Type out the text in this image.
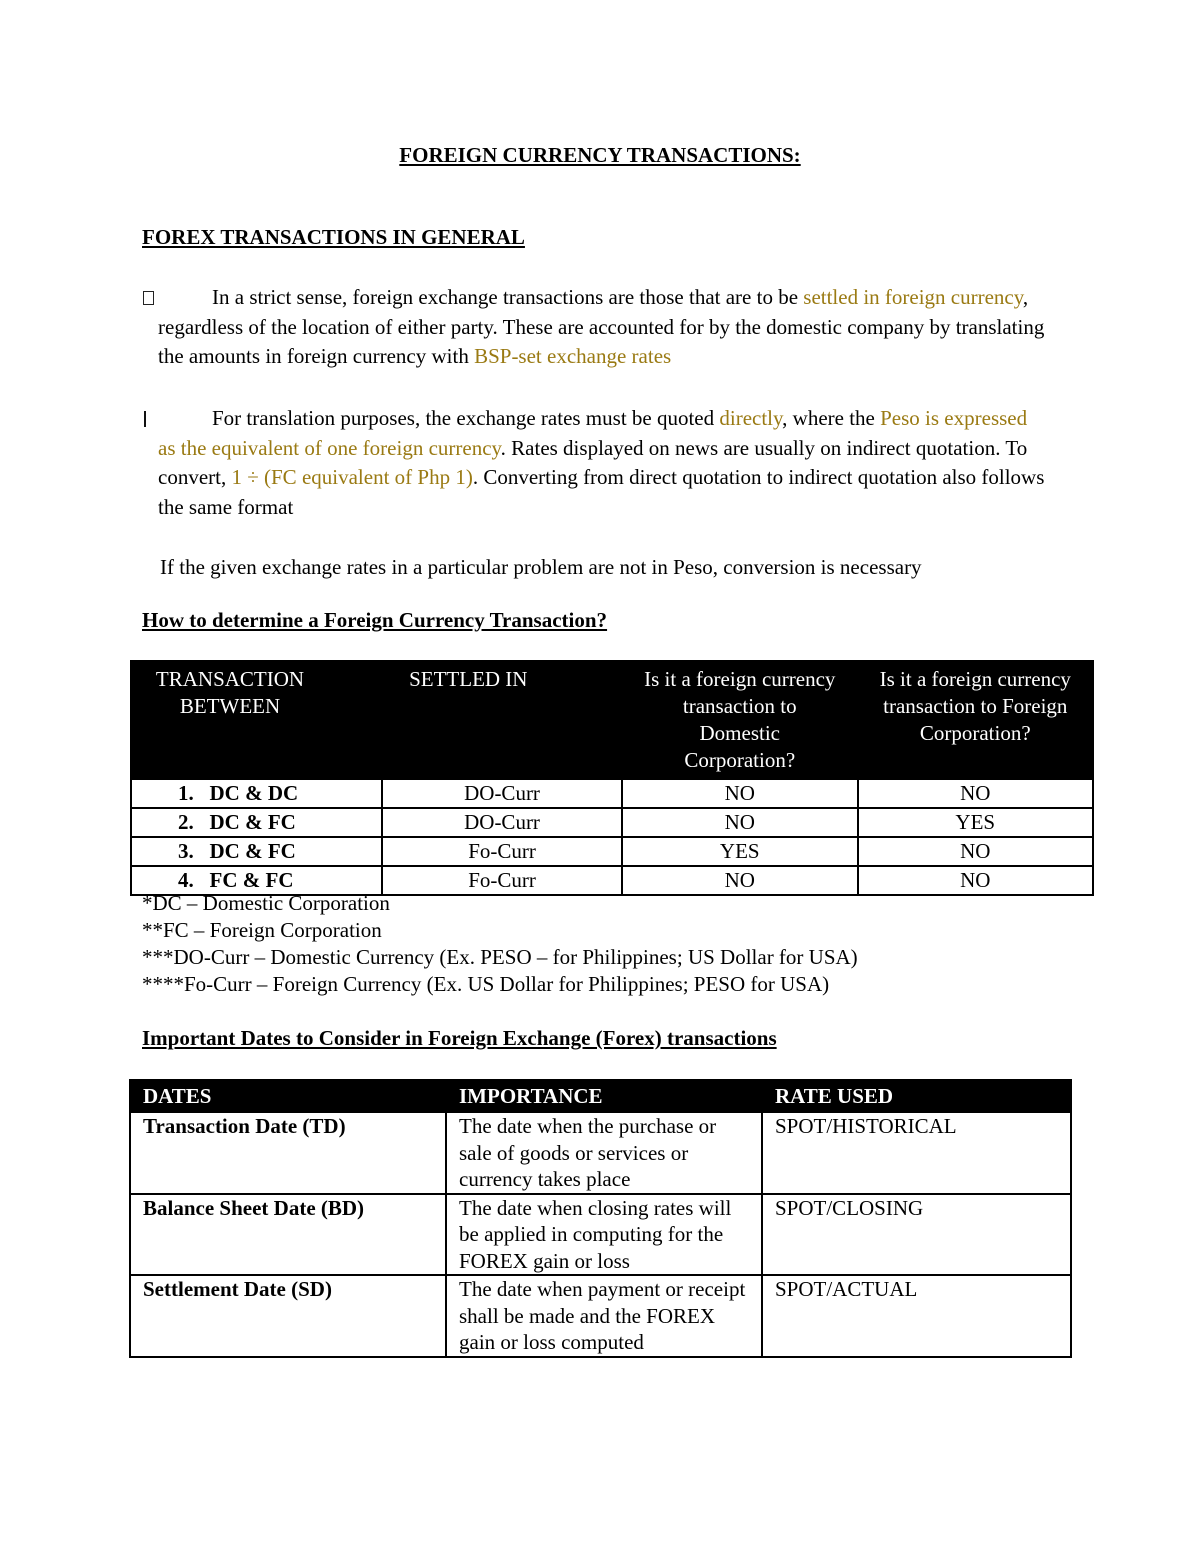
FOREIGN CURRENCY TRANSACTIONS:
FOREX TRANSACTIONS IN GENERAL
In a strict sense, foreign exchange transactions are those that are to be settled in foreign currency, regardless of the location of either party. These are accounted for by the domestic company by translating the amounts in foreign currency with BSP-set exchange rates
For translation purposes, the exchange rates must be quoted directly, where the Peso is expressed as the equivalent of one foreign currency. Rates displayed on news are usually on indirect quotation. To convert, 1 ÷ (FC equivalent of Php 1). Converting from direct quotation to indirect quotation also follows the same format
If the given exchange rates in a particular problem are not in Peso, conversion is necessary
How to determine a Foreign Currency Transaction?
TRANSACTION BETWEEN	SETTLED IN	Is it a foreign currency transaction to Domestic Corporation?	Is it a foreign currency transaction to Foreign Corporation?

1. DC & DC	DO-Curr	NO	NO
2. DC & FC	DO-Curr	NO	YES
3. DC & FC	Fo-Curr	YES	NO
4. FC & FC	Fo-Curr	NO	NO
*DC – Domestic Corporation
**FC – Foreign Corporation
***DO-Curr – Domestic Currency (Ex. PESO – for Philippines; US Dollar for USA)
****Fo-Curr – Foreign Currency (Ex. US Dollar for Philippines; PESO for USA)
Important Dates to Consider in Foreign Exchange (Forex) transactions
DATES	IMPORTANCE	RATE USED
Transaction Date (TD)	The date when the purchase or sale of goods or services or currency takes place	SPOT/HISTORICAL
Balance Sheet Date (BD)	The date when closing rates will be applied in computing for the FOREX gain or loss	SPOT/CLOSING
Settlement Date (SD)	The date when payment or receipt shall be made and the FOREX gain or loss computed	SPOT/ACTUAL
